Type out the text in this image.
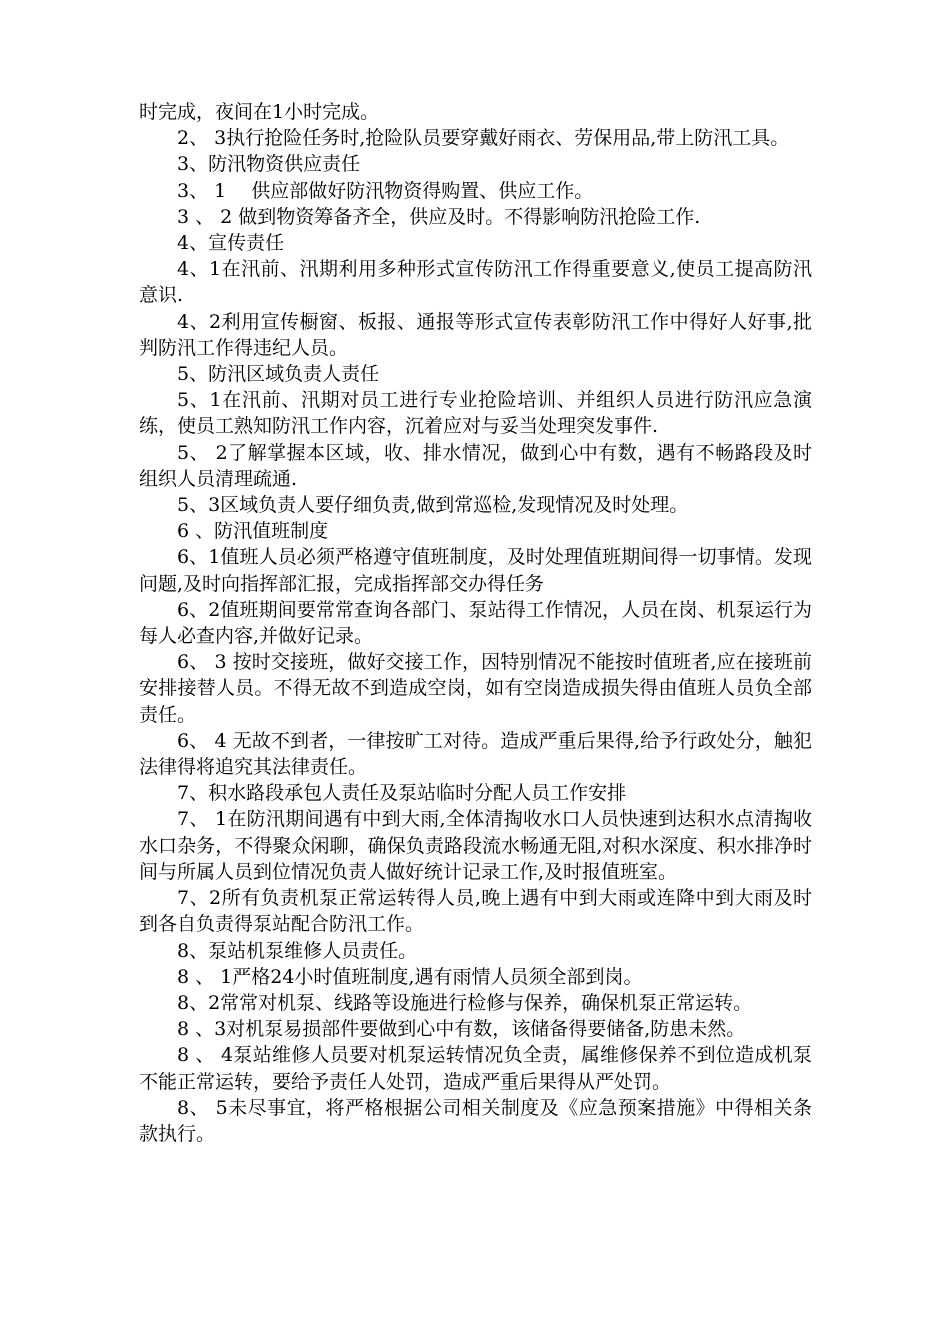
时完成，夜间在1小时完成。

2、 3执行抢险任务时,抢险队员要穿戴好雨衣、劳保用品,带上防汛工具。

3、防汛物资供应责任

3、 1　 供应部做好防汛物资得购置、供应工作。

3 、 2 做到物资筹备齐全，供应及时。不得影响防汛抢险工作.

4、宣传责任

4、1在汛前、汛期利用多种形式宣传防汛工作得重要意义,使员工提高防汛意识.

4、2利用宣传橱窗、板报、通报等形式宣传表彰防汛工作中得好人好事,批判防汛工作得违纪人员。

5、防汛区域负责人责任

5、1在汛前、汛期对员工进行专业抢险培训、并组织人员进行防汛应急演练，使员工熟知防汛工作内容，沉着应对与妥当处理突发事件.

5、 2了解掌握本区域，收、排水情况，做到心中有数，遇有不畅路段及时组织人员清理疏通.

5、3区域负责人要仔细负责,做到常巡检,发现情况及时处理。

6 、防汛值班制度

6、1值班人员必须严格遵守值班制度，及时处理值班期间得一切事情。发现问题,及时向指挥部汇报，完成指挥部交办得任务

6、2值班期间要常常查询各部门、泵站得工作情况，人员在岗、机泵运行为每人必查内容,并做好记录。

6、 3 按时交接班，做好交接工作，因特别情况不能按时值班者,应在接班前安排接替人员。不得无故不到造成空岗，如有空岗造成损失得由值班人员负全部责任。

6、 4 无故不到者，一律按旷工对待。造成严重后果得,给予行政处分，触犯法律得将追究其法律责任。

7、积水路段承包人责任及泵站临时分配人员工作安排

7、 1在防汛期间遇有中到大雨,全体清掏收水口人员快速到达积水点清掏收水口杂务，不得聚众闲聊，确保负责路段流水畅通无阻,对积水深度、积水排净时间与所属人员到位情况负责人做好统计记录工作,及时报值班室。

7、2所有负责机泵正常运转得人员,晚上遇有中到大雨或连降中到大雨及时到各自负责得泵站配合防汛工作。

8、泵站机泵维修人员责任。

8 、 1严格24小时值班制度,遇有雨情人员须全部到岗。

8、2常常对机泵、线路等设施进行检修与保养，确保机泵正常运转。

8 、3对机泵易损部件要做到心中有数，该储备得要储备,防患未然。

8 、 4泵站维修人员要对机泵运转情况负全责，属维修保养不到位造成机泵不能正常运转，要给予责任人处罚，造成严重后果得从严处罚。

8、 5未尽事宜，将严格根据公司相关制度及《应急预案措施》中得相关条款执行。
